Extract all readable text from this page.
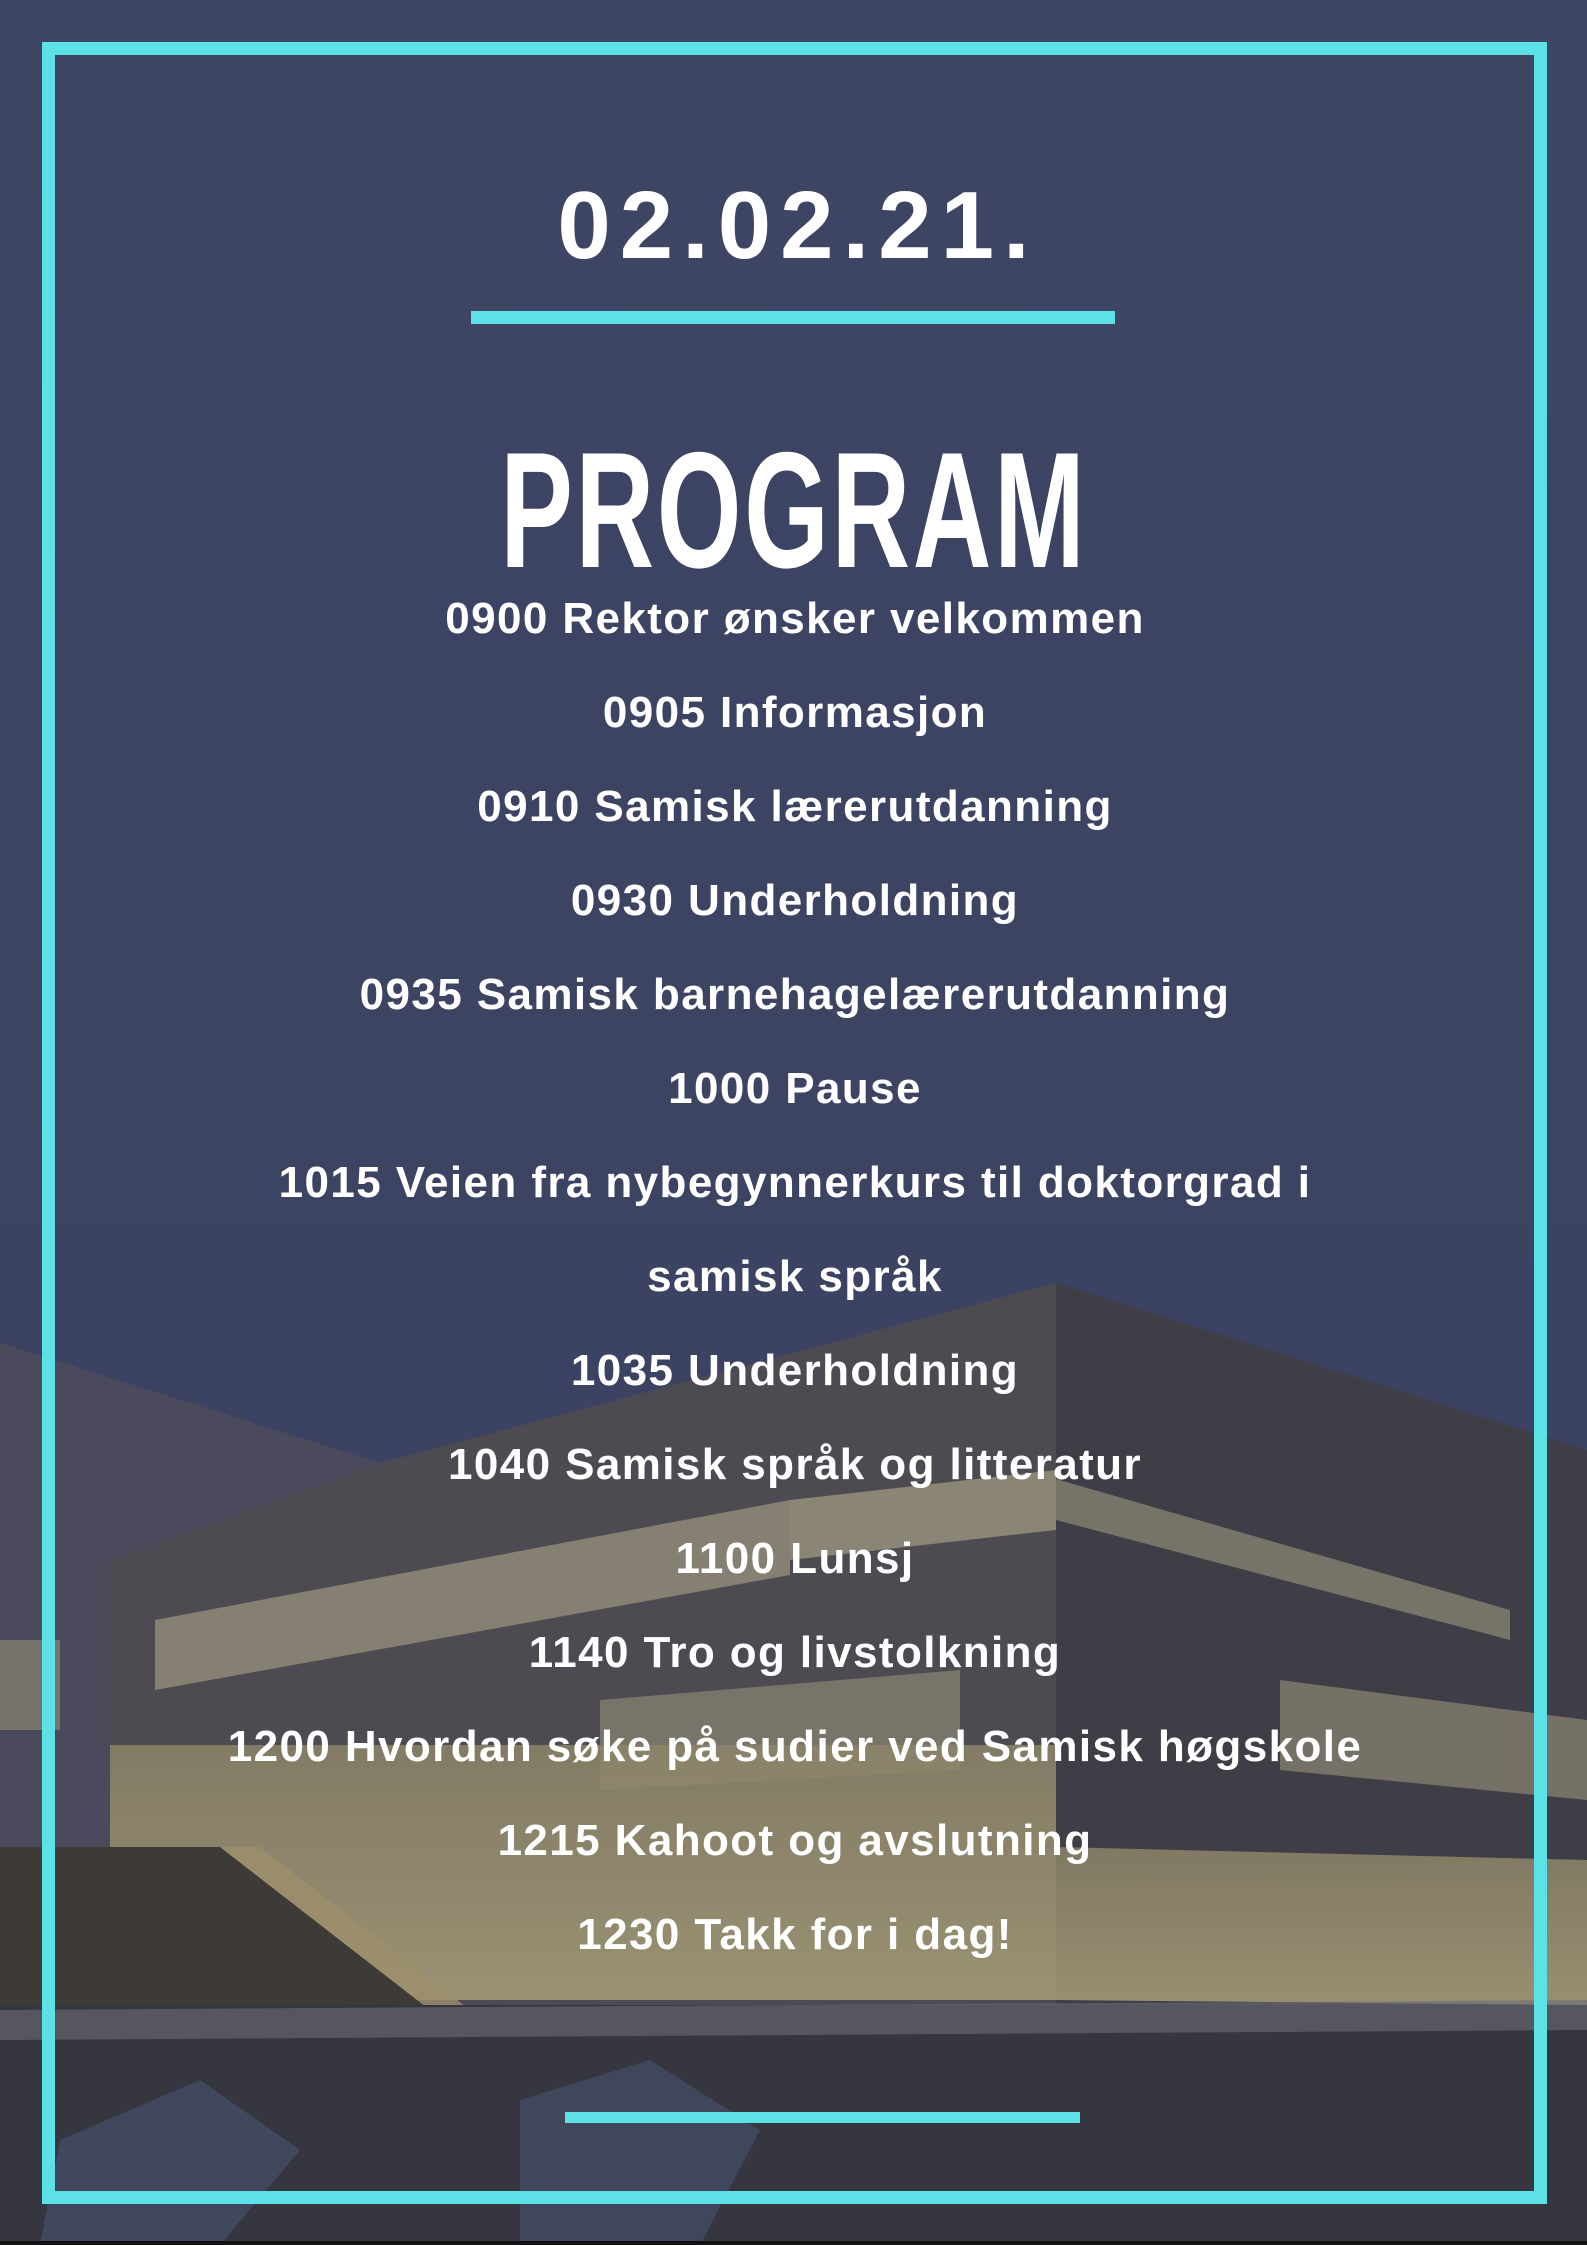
02.02.21.
PROGRAM
0900 Rektor ønsker velkommen
0905 Informasjon
0910 Samisk lærerutdanning
0930 Underholdning
0935 Samisk barnehagelærerutdanning
1000 Pause
1015 Veien fra nybegynnerkurs til doktorgrad i samisk språk
1035 Underholdning
1040 Samisk språk og litteratur
1100 Lunsj
1140 Tro og livstolkning
1200 Hvordan søke på sudier ved Samisk høgskole
1215 Kahoot og avslutning
1230 Takk for i dag!
